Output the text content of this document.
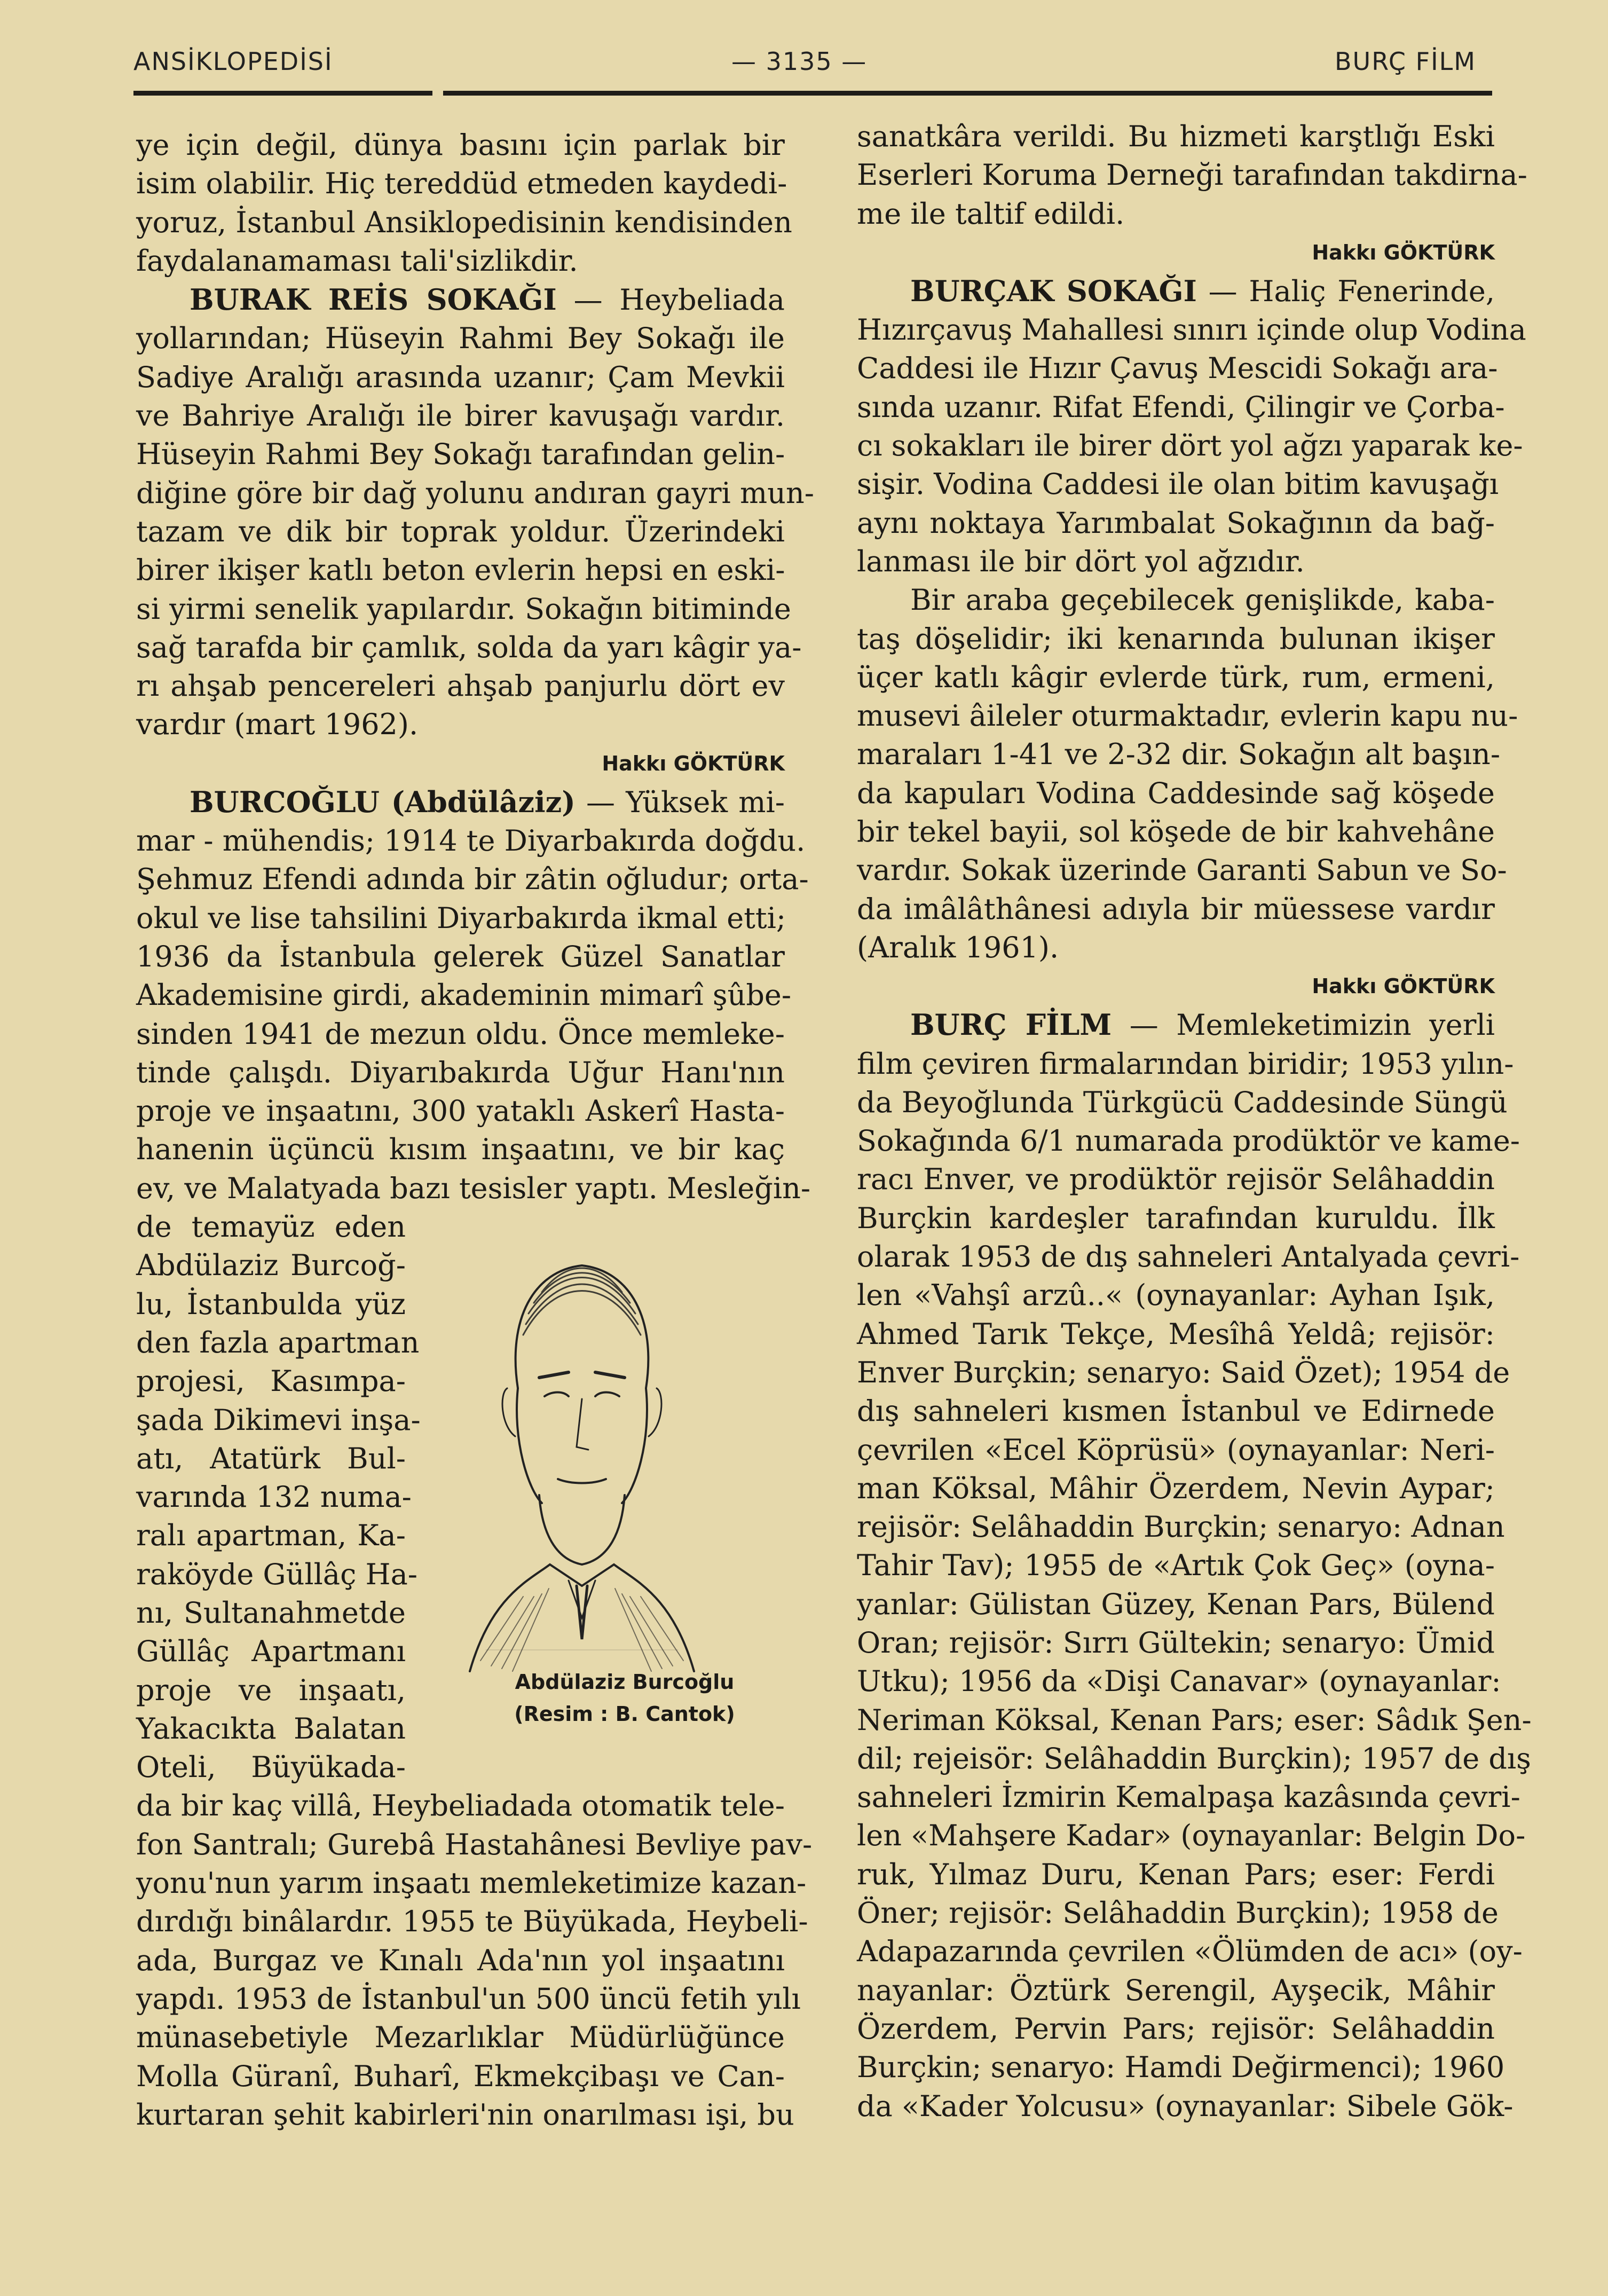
ANSİKLOPEDİSİ	— 3135 —	BURÇ FİLM
ye için değil, dünya basını için parlak bir
isim olabilir. Hiç tereddüd etmeden kaydedi-
yoruz, İstanbul Ansiklopedisinin kendisinden
faydalanamaması tali'sizlikdir.
BURAK REİS SOKAĞI — Heybeliada
yollarından; Hüseyin Rahmi Bey Sokağı ile
Sadiye Aralığı arasında uzanır; Çam Mevkii
ve Bahriye Aralığı ile birer kavuşağı vardır.
Hüseyin Rahmi Bey Sokağı tarafından gelin-
diğine göre bir dağ yolunu andıran gayri mun-
tazam ve dik bir toprak yoldur. Üzerindeki
birer ikişer katlı beton evlerin hepsi en eski-
si yirmi senelik yapılardır. Sokağın bitiminde
sağ tarafda bir çamlık, solda da yarı kâgir ya-
rı ahşab pencereleri ahşab panjurlu dört ev
vardır (mart 1962).
Hakkı GÖKTÜRK
BURCOĞLU (Abdülâziz) — Yüksek mi-
mar - mühendis; 1914 te Diyarbakırda doğdu.
Şehmuz Efendi adında bir zâtin oğludur; orta-
okul ve lise tahsilini Diyarbakırda ikmal etti;
1936 da İstanbula gelerek Güzel Sanatlar
Akademisine girdi, akademinin mimarî şûbe-
sinden 1941 de mezun oldu. Önce memleke-
tinde çalışdı. Diyarıbakırda Uğur Hanı'nın
proje ve inşaatını, 300 yataklı Askerî Hasta-
hanenin üçüncü kısım inşaatını, ve bir kaç
ev, ve Malatyada bazı tesisler yaptı. Mesleğin-
de temayüz eden
Abdülaziz Burcoğ-
lu, İstanbulda yüz
den fazla apartman
projesi, Kasımpa-
şada Dikimevi inşa-
atı, Atatürk Bul-
varında 132 numa-
ralı apartman, Ka-
raköyde Güllâç Ha-
nı, Sultanahmetde
Güllâç Apartmanı
proje ve inşaatı,
Yakacıkta Balatan
Oteli, Büyükada-
da bir kaç villâ, Heybeliadada otomatik tele-
fon Santralı; Gurebâ Hastahânesi Bevliye pav-
yonu'nun yarım inşaatı memleketimize kazan-
dırdığı binâlardır. 1955 te Büyükada, Heybeli-
ada, Burgaz ve Kınalı Ada'nın yol inşaatını
yapdı. 1953 de İstanbul'un 500 üncü fetih yılı
münasebetiyle Mezarlıklar Müdürlüğünce
Molla Güranî, Buharî, Ekmekçibaşı ve Can-
kurtaran şehit kabirleri'nin onarılması işi, bu
Abdülaziz Burcoğlu
(Resim : B. Cantok)
sanatkâra verildi. Bu hizmeti karştlığı Eski
Eserleri Koruma Derneği tarafından takdirna-
me ile taltif edildi.
Hakkı GÖKTÜRK
BURÇAK SOKAĞI — Haliç Fenerinde,
Hızırçavuş Mahallesi sınırı içinde olup Vodina
Caddesi ile Hızır Çavuş Mescidi Sokağı ara-
sında uzanır. Rifat Efendi, Çilingir ve Çorba-
cı sokakları ile birer dört yol ağzı yaparak ke-
sişir. Vodina Caddesi ile olan bitim kavuşağı
aynı noktaya Yarımbalat Sokağının da bağ-
lanması ile bir dört yol ağzıdır.
Bir araba geçebilecek genişlikde, kaba-
taş döşelidir; iki kenarında bulunan ikişer
üçer katlı kâgir evlerde türk, rum, ermeni,
musevi âileler oturmaktadır, evlerin kapu nu-
maraları 1-41 ve 2-32 dir. Sokağın alt başın-
da kapuları Vodina Caddesinde sağ köşede
bir tekel bayii, sol köşede de bir kahvehâne
vardır. Sokak üzerinde Garanti Sabun ve So-
da imâlâthânesi adıyla bir müessese vardır
(Aralık 1961).
Hakkı GÖKTÜRK
BURÇ FİLM — Memleketimizin yerli
film çeviren firmalarından biridir; 1953 yılın-
da Beyoğlunda Türkgücü Caddesinde Süngü
Sokağında 6/1 numarada prodüktör ve kame-
racı Enver, ve prodüktör rejisör Selâhaddin
Burçkin kardeşler tarafından kuruldu. İlk
olarak 1953 de dış sahneleri Antalyada çevri-
len «Vahşî arzû..« (oynayanlar: Ayhan Işık,
Ahmed Tarık Tekçe, Mesîhâ Yeldâ; rejisör:
Enver Burçkin; senaryo: Said Özet); 1954 de
dış sahneleri kısmen İstanbul ve Edirnede
çevrilen «Ecel Köprüsü» (oynayanlar: Neri-
man Köksal, Mâhir Özerdem, Nevin Aypar;
rejisör: Selâhaddin Burçkin; senaryo: Adnan
Tahir Tav); 1955 de «Artık Çok Geç» (oyna-
yanlar: Gülistan Güzey, Kenan Pars, Bülend
Oran; rejisör: Sırrı Gültekin; senaryo: Ümid
Utku); 1956 da «Dişi Canavar» (oynayanlar:
Neriman Köksal, Kenan Pars; eser: Sâdık Şen-
dil; rejeisör: Selâhaddin Burçkin); 1957 de dış
sahneleri İzmirin Kemalpaşa kazâsında çevri-
len «Mahşere Kadar» (oynayanlar: Belgin Do-
ruk, Yılmaz Duru, Kenan Pars; eser: Ferdi
Öner; rejisör: Selâhaddin Burçkin); 1958 de
Adapazarında çevrilen «Ölümden de acı» (oy-
nayanlar: Öztürk Serengil, Ayşecik, Mâhir
Özerdem, Pervin Pars; rejisör: Selâhaddin
Burçkin; senaryo: Hamdi Değirmenci); 1960
da «Kader Yolcusu» (oynayanlar: Sibele Gök-
